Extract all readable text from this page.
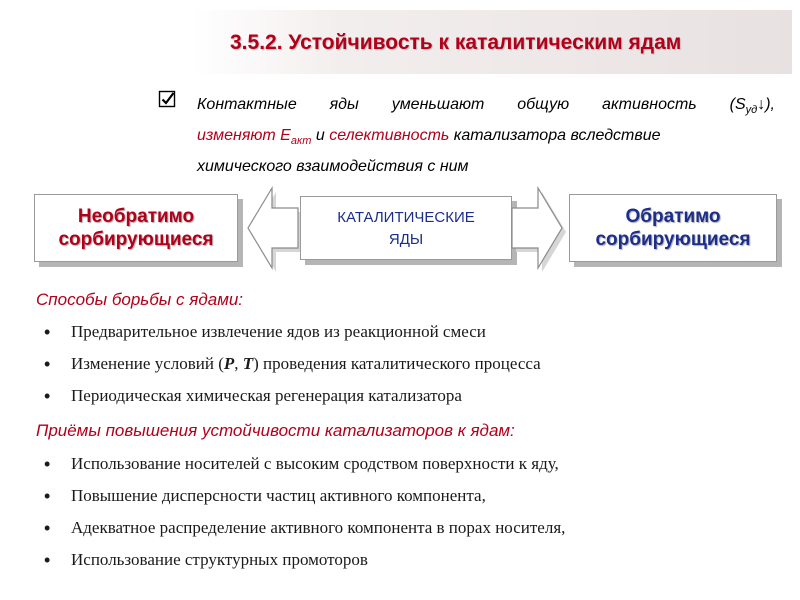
3.5.2. Устойчивость к каталитическим ядам
Контактные яды уменьшают общую активность $(S_{уд}↓)$,
изменяют $E_{акт}$ и селективность катализатора вследствие
химического взаимодействия с ним
Необратимо
сорбирующиеся
КАТАЛИТИЧЕСКИЕ
ЯДЫ
Обратимо
сорбирующиеся
Способы борьбы с ядами:
• Предварительное извлечение ядов из реакционной смеси
• Изменение условий (P, T) проведения каталитического процесса
• Периодическая химическая регенерация катализатора
Приёмы повышения устойчивости катализаторов к ядам:
• Использование носителей с высоким сродством поверхности к яду,
• Повышение дисперсности частиц активного компонента,
• Адекватное распределение активного компонента в порах носителя,
• Использование структурных промоторов
